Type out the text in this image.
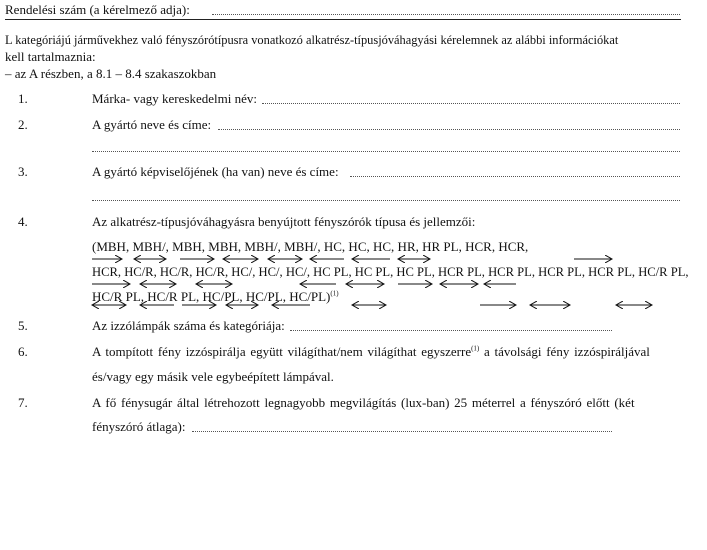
Rendelési szám (a kérelmező adja):
L kategóriájú járművekhez való fényszórótípusra vonatkozó alkatrész-típusjóváhagyási kérelemnek az alábbi információkat
kell tartalmaznia:
– az A részben, a 8.1 – 8.4 szakaszokban
1.	Márka- vagy kereskedelmi név:
2.	A gyártó neve és címe:
3.	A gyártó képviselőjének (ha van) neve és címe:
4.	Az alkatrész-típusjóváhagyásra benyújtott fényszórók típusa és jellemzői:
(MBH, MBH/, MBH, MBH, MBH/, MBH/, HC, HC, HC, HR, HR PL, HCR, HCR,
HCR, HC/R, HC/R, HC/R, HC/, HC/, HC/, HC PL, HC PL, HC PL, HCR PL, HCR PL, HCR PL, HCR PL, HC/R PL,
HC/R PL, HC/R PL, HC/PL, HC/PL, HC/PL)$^{(1)}$
5.	Az izzólámpák száma és kategóriája:
6.	A tompított fény izzóspirálja együtt világíthat/nem világíthat egyszerre$^{(1)}$ a távolsági fény izzóspiráljával
és/vagy egy másik vele egybeépített lámpával.
7.	A fő fénysugár által létrehozott legnagyobb megvilágítás (lux-ban) 25 méterrel a fényszóró előtt (két
fényszóró átlaga):
